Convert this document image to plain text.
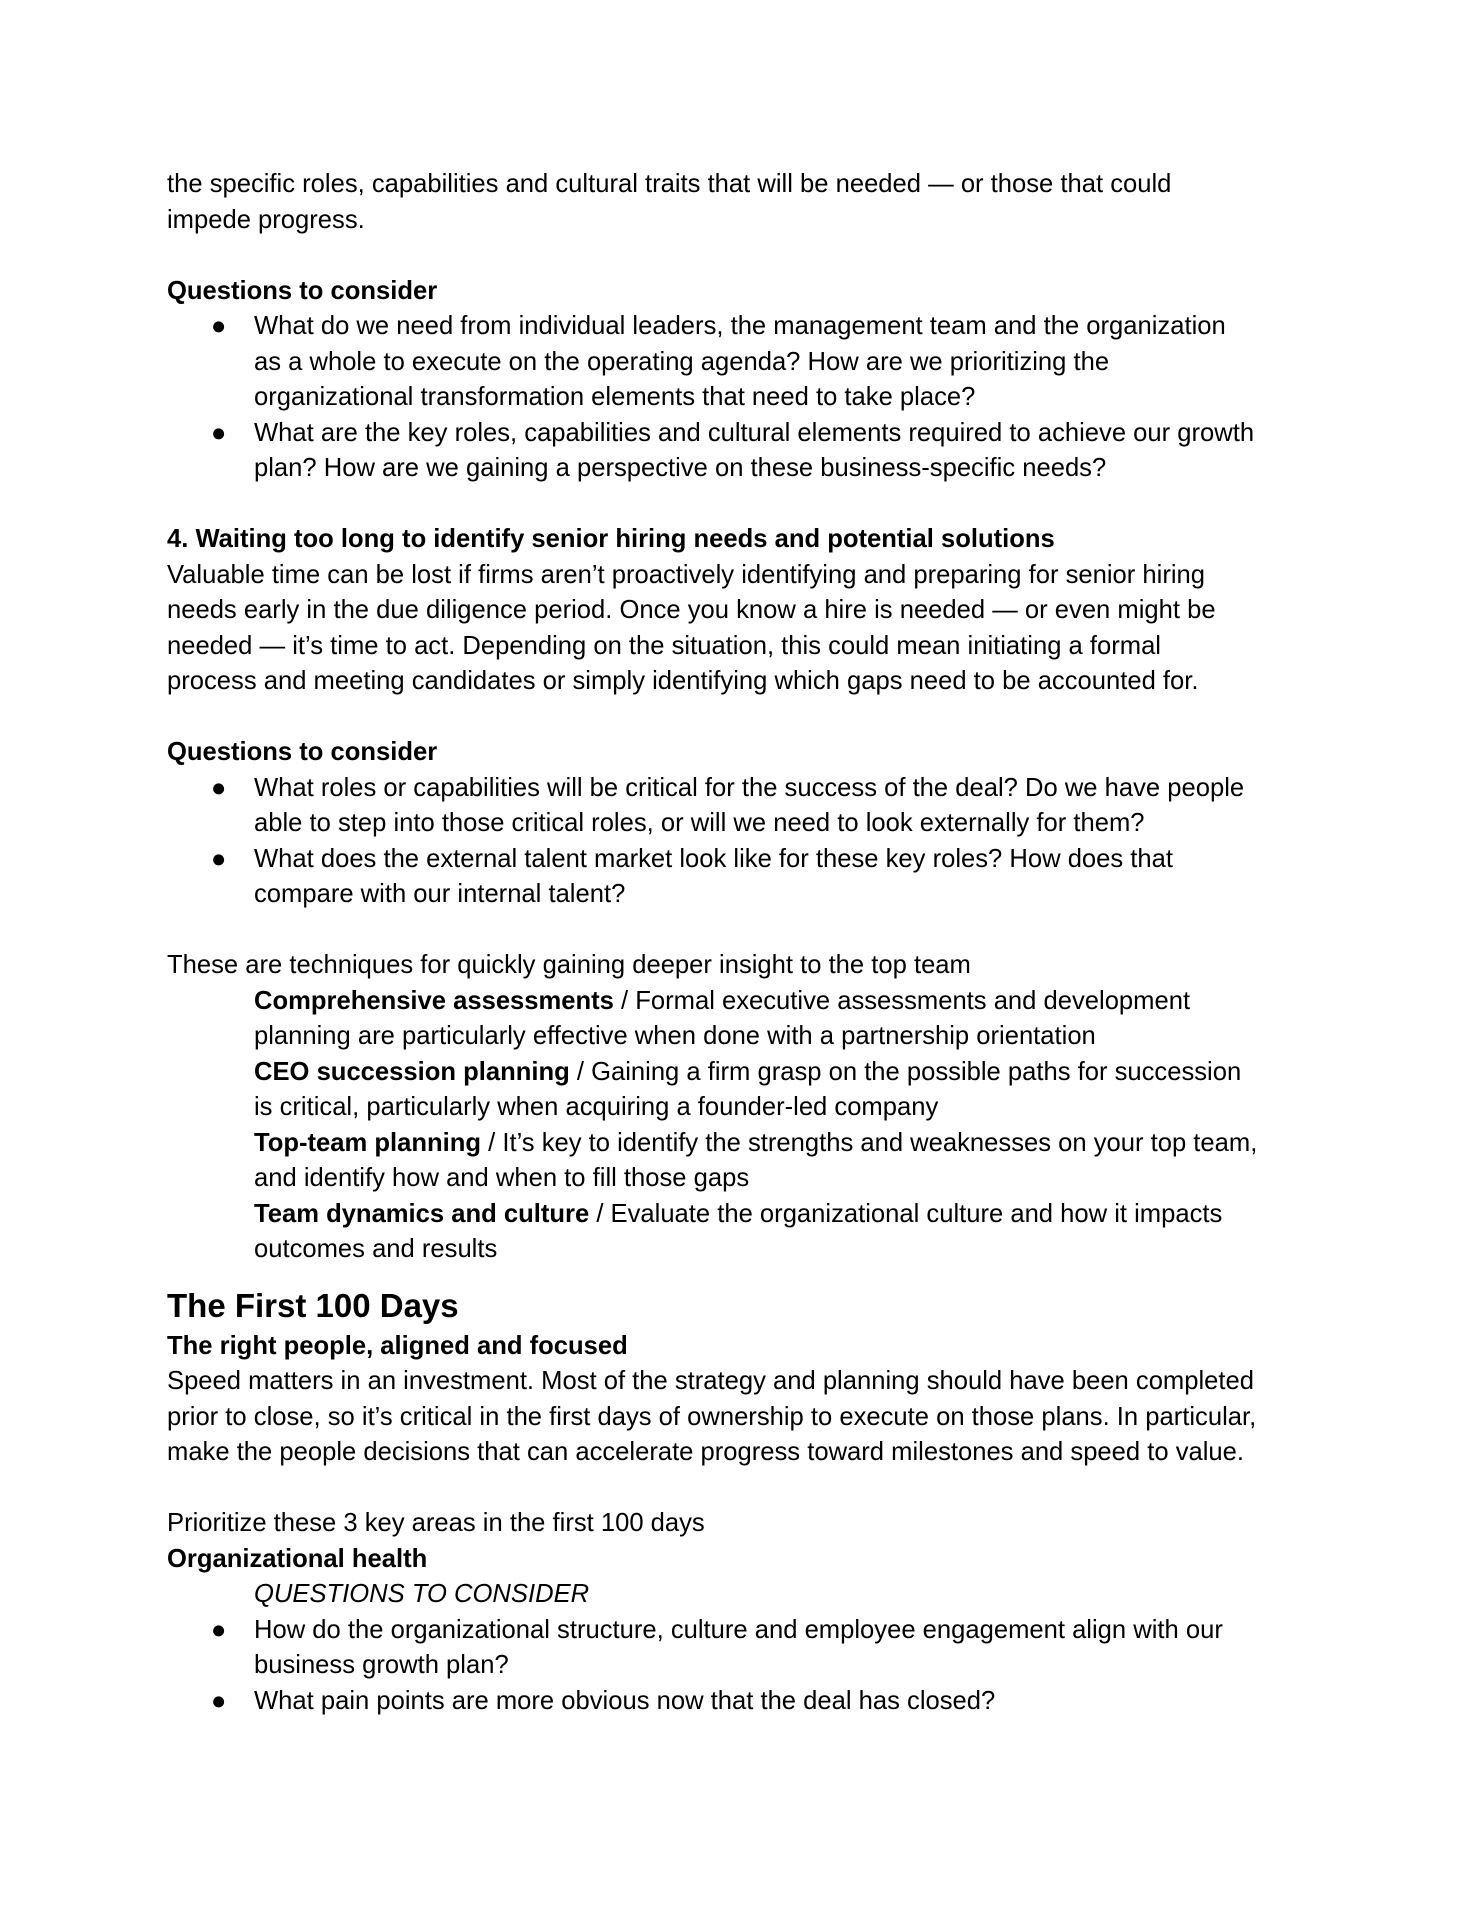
the specific roles, capabilities and cultural traits that will be needed — or those that could
impede progress.
Questions to consider
● What do we need from individual leaders, the management team and the organization
as a whole to execute on the operating agenda? How are we prioritizing the
organizational transformation elements that need to take place?
● What are the key roles, capabilities and cultural elements required to achieve our growth
plan? How are we gaining a perspective on these business-specific needs?
4. Waiting too long to identify senior hiring needs and potential solutions
Valuable time can be lost if firms aren’t proactively identifying and preparing for senior hiring
needs early in the due diligence period. Once you know a hire is needed — or even might be
needed — it’s time to act. Depending on the situation, this could mean initiating a formal
process and meeting candidates or simply identifying which gaps need to be accounted for.
Questions to consider
● What roles or capabilities will be critical for the success of the deal? Do we have people
able to step into those critical roles, or will we need to look externally for them?
● What does the external talent market look like for these key roles? How does that
compare with our internal talent?
These are techniques for quickly gaining deeper insight to the top team
Comprehensive assessments / Formal executive assessments and development
planning are particularly effective when done with a partnership orientation
CEO succession planning / Gaining a firm grasp on the possible paths for succession
is critical, particularly when acquiring a founder-led company
Top-team planning / It’s key to identify the strengths and weaknesses on your top team,
and identify how and when to fill those gaps
Team dynamics and culture / Evaluate the organizational culture and how it impacts
outcomes and results
The First 100 Days
The right people, aligned and focused
Speed matters in an investment. Most of the strategy and planning should have been completed
prior to close, so it’s critical in the first days of ownership to execute on those plans. In particular,
make the people decisions that can accelerate progress toward milestones and speed to value.
Prioritize these 3 key areas in the first 100 days
Organizational health
QUESTIONS TO CONSIDER
● How do the organizational structure, culture and employee engagement align with our
business growth plan?
● What pain points are more obvious now that the deal has closed?
